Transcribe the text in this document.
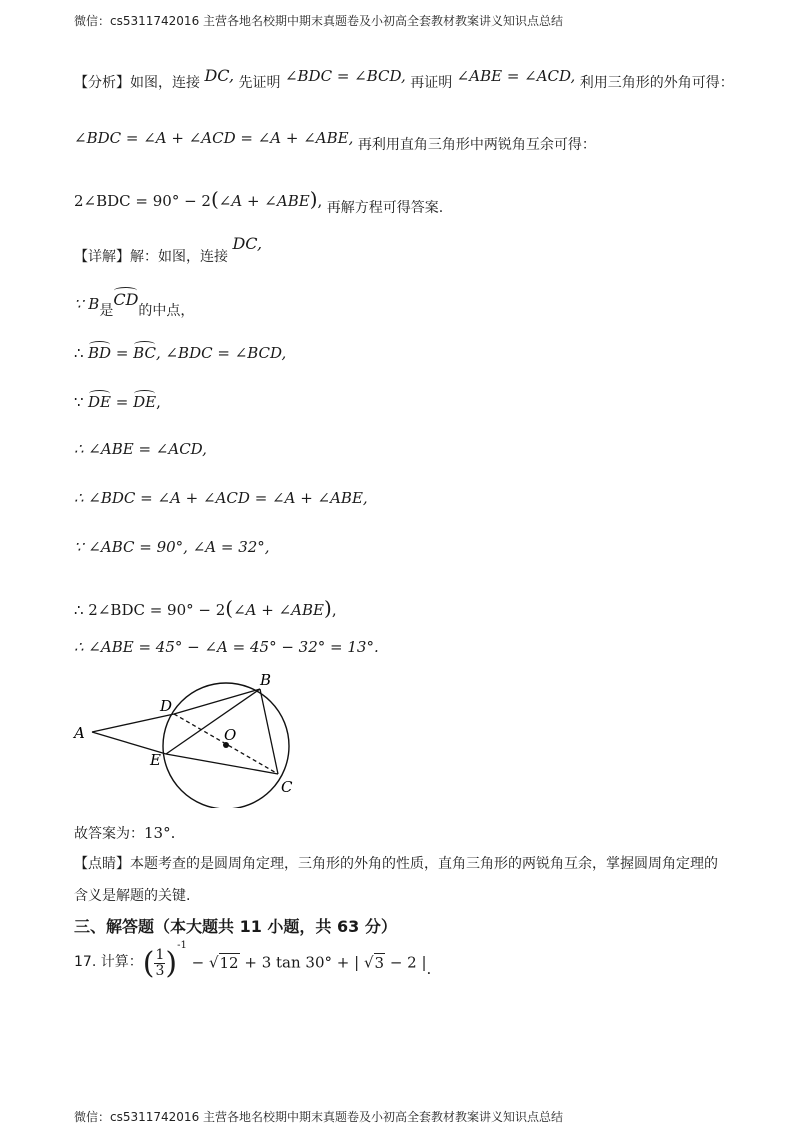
微信：cs5311742016 主营各地名校期中期末真题卷及小初高全套教材教案讲义知识点总结
【分析】如图，连接 DC, 先证明 ∠BDC = ∠BCD, 再证明 ∠ABE = ∠ACD, 利用三角形的外角可得：
∠BDC = ∠A + ∠ACD = ∠A + ∠ABE, 再利用直角三角形中两锐角互余可得：
2∠BDC = 90° − 2(∠A + ∠ABE), 再解方程可得答案.
【详解】解：如图，连接 DC,
∵ B是CD的中点，
∴ BD = BC, ∠BDC = ∠BCD,
∵ DE = DE,
∴ ∠ABE = ∠ACD,
∴ ∠BDC = ∠A + ∠ACD = ∠A + ∠ABE,
∵ ∠ABC = 90°, ∠A = 32°,
∴ 2∠BDC = 90° − 2(∠A + ∠ABE),
∴ ∠ABE = 45° − ∠A = 45° − 32° = 13°.
A
B
C
D
E
O
故答案为：13°.
【点睛】本题考查的是圆周角定理，三角形的外角的性质，直角三角形的两锐角互余，掌握圆周角定理的
含义是解题的关键.
三、解答题（本大题共 11 小题，共 63 分）
17. 计算：( $\frac{1}{3} )^{-1} - √12 + 3$ tan 30° + | √3 − 2 |.
微信：cs5311742016 主营各地名校期中期末真题卷及小初高全套教材教案讲义知识点总结
